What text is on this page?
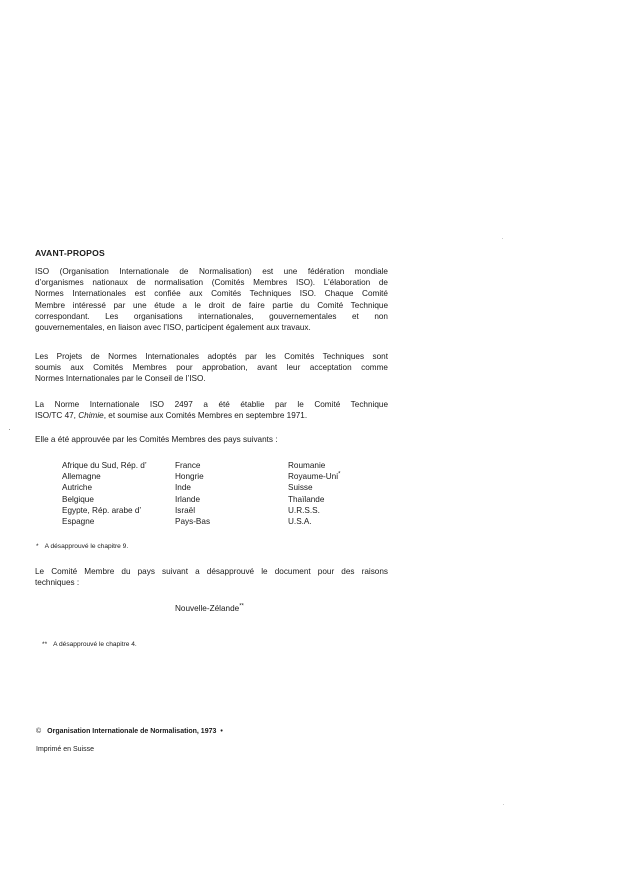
AVANT-PROPOS
ISO (Organisation Internationale de Normalisation) est une fédération mondiale
d’organismes nationaux de normalisation (Comités Membres ISO). L’élaboration de
Normes Internationales est confiée aux Comités Techniques ISO. Chaque Comité
Membre intéressé par une étude a le droit de faire partie du Comité Technique
correspondant. Les organisations internationales, gouvernementales et non
gouvernementales, en liaison avec l’ISO, participent également aux travaux.
Les Projets de Normes Internationales adoptés par les Comités Techniques sont
soumis aux Comités Membres pour approbation, avant leur acceptation comme
Normes Internationales par le Conseil de l’ISO.
La Norme Internationale ISO 2497 a été établie par le Comité Technique
ISO/TC 47, Chimie, et soumise aux Comités Membres en septembre 1971.
Elle a été approuvée par les Comités Membres des pays suivants :
Afrique du Sud, Rép. d’
Allemagne
Autriche
Belgique
Egypte, Rép. arabe d’
Espagne
France
Hongrie
Inde
Irlande
Israël
Pays-Bas
Roumanie
Royaume-Uni*
Suisse
Thaïlande
U.R.S.S.
U.S.A.
* A désapprouvé le chapitre 9.
Le Comité Membre du pays suivant a désapprouvé le document pour des raisons
techniques :
Nouvelle-Zélande**
** A désapprouvé le chapitre 4.
© Organisation Internationale de Normalisation, 1973 •
Imprimé en Suisse
